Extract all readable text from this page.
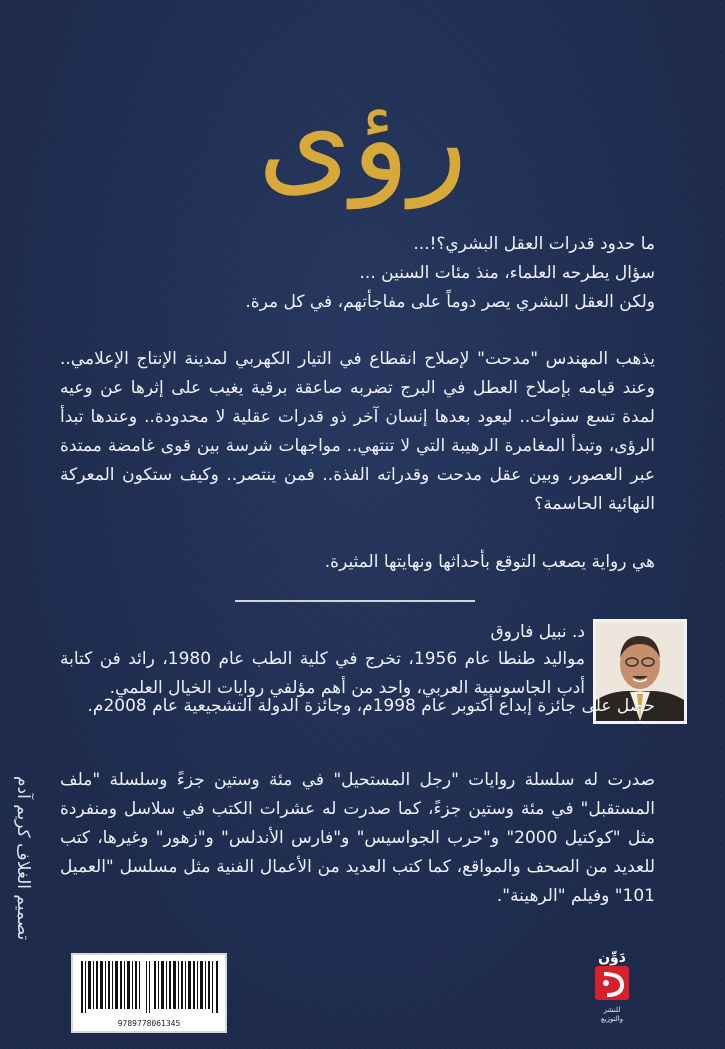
رؤى

ما حدود قدرات العقل البشري؟!...

سؤال يطرحه العلماء، منذ مئات السنين ...

ولكن العقل البشري يصر دوماً على مفاجأتهم، في كل مرة.

يذهب المهندس "مدحت" لإصلاح انقطاع في التيار الكهربي لمدينة الإنتاج الإعلامي.. وعند قيامه بإصلاح العطل في البرج تضربه صاعقة برقية يغيب على إثرها عن وعيه لمدة تسع سنوات.. ليعود بعدها إنسان آخر ذو قدرات عقلية لا محدودة.. وعندها تبدأ الرؤى، وتبدأ المغامرة الرهيبة التي لا تنتهي.. مواجهات شرسة بين قوى غامضة ممتدة عبر العصور، وبين عقل مدحت وقدراته الفذة.. فمن ينتصر.. وكيف ستكون المعركة النهائية الحاسمة؟
هي رواية يصعب التوقع بأحداثها ونهايتها المثيرة.
د. نبيل فاروق
مواليد طنطا عام 1956، تخرج في كلية الطب عام 1980، رائد فن كتابة أدب الجاسوسية العربي، واحد من أهم مؤلفي روايات الخيال العلمي.
حصل على جائزة إبداع أكتوبر عام 1998م، وجائزة الدولة التشجيعية عام 2008م.
صدرت له سلسلة روايات "رجل المستحيل" في مئة وستين جزءً وسلسلة "ملف المستقبل" في مئة وستين جزءً، كما صدرت له عشرات الكتب في سلاسل ومنفردة مثل "كوكتيل 2000" و"حرب الجواسيس" و"فارس الأندلس" و"زهور" وغيرها، كتب للعديد من الصحف والمواقع، كما كتب العديد من الأعمال الفنية مثل مسلسل "العميل 101" وفيلم "الرهينة".
تصميم الغلاف كريم آدم
9789778061345
دَوِّن
للنشر والتوزيع
